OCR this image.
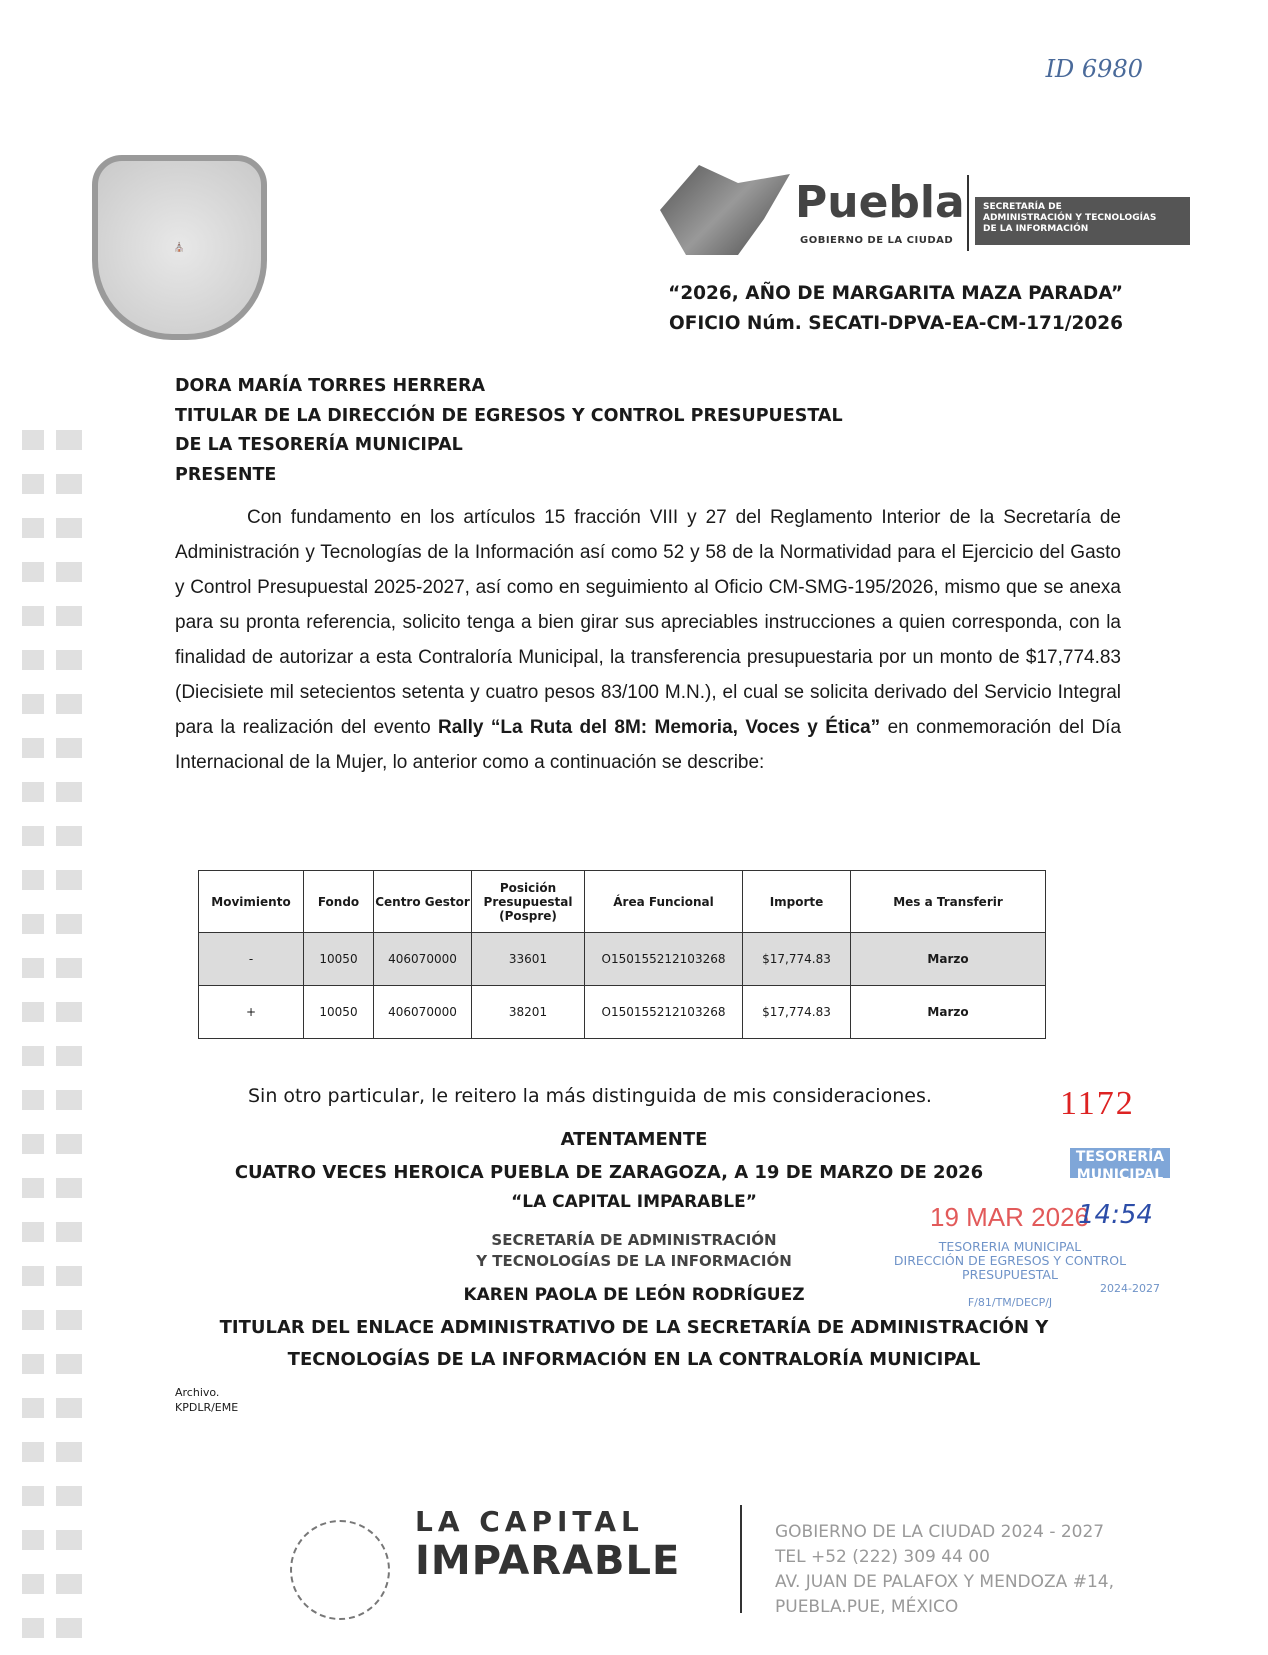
ID 6980
⛪
Puebla
GOBIERNO DE LA CIUDAD
SECRETARÍA DE
ADMINISTRACIÓN Y TECNOLOGÍAS
DE LA INFORMACIÓN
“2026, AÑO DE MARGARITA MAZA PARADA”
OFICIO Núm. SECATI-DPVA-EA-CM-171/2026
DORA MARÍA TORRES HERRERA
TITULAR DE LA DIRECCIÓN DE EGRESOS Y CONTROL PRESUPUESTAL
DE LA TESORERÍA MUNICIPAL
PRESENTE

Con fundamento en los artículos 15 fracción VIII y 27 del Reglamento Interior de la Secretaría de Administración y Tecnologías de la Información así como 52 y 58 de la Normatividad para el Ejercicio del Gasto y Control Presupuestal 2025-2027, así como en seguimiento al Oficio CM-SMG-195/2026, mismo que se anexa para su pronta referencia, solicito tenga a bien girar sus apreciables instrucciones a quien corresponda, con la finalidad de autorizar a esta Contraloría Municipal, la transferencia presupuestaria por un monto de $17,774.83 (Diecisiete mil setecientos setenta y cuatro pesos 83/100 M.N.), el cual se solicita derivado del Servicio Integral para la realización del evento Rally “La Ruta del 8M: Memoria, Voces y Ética” en conmemoración del Día Internacional de la Mujer, lo anterior como a continuación se describe:

Movimiento	Fondo	Centro Gestor	Posición Presupuestal (Pospre)	Área Funcional	Importe	Mes a Transferir
-	10050	406070000	33601	O150155212103268	$17,774.83	Marzo
+	10050	406070000	38201	O150155212103268	$17,774.83	Marzo
Sin otro particular, le reitero la más distinguida de mis consideraciones.	1172
ATENTAMENTE
CUATRO VECES HEROICA PUEBLA DE ZARAGOZA, A 19 DE MARZO DE 2026
“LA CAPITAL IMPARABLE”
SECRETARÍA DE ADMINISTRACIÓN
Y TECNOLOGÍAS DE LA INFORMACIÓN
KAREN PAOLA DE LEÓN RODRÍGUEZ
TITULAR DEL ENLACE ADMINISTRATIVO DE LA SECRETARÍA DE ADMINISTRACIÓN Y
TECNOLOGÍAS DE LA INFORMACIÓN EN LA CONTRALORÍA MUNICIPAL
TESORERÍA MUNICIPAL
19 MAR 2026
14:54
TESORERIA MUNICIPAL
DIRECCIÓN DE EGRESOS Y CONTROL
PRESUPUESTAL
2024-2027
F/81/TM/DECP/J
Archivo.
KPDLR/EME
LA CAPITAL
IMPARABLE
GOBIERNO DE LA CIUDAD 2024 - 2027
TEL +52 (222) 309 44 00
AV. JUAN DE PALAFOX Y MENDOZA #14,
PUEBLA.PUE, MÉXICO
